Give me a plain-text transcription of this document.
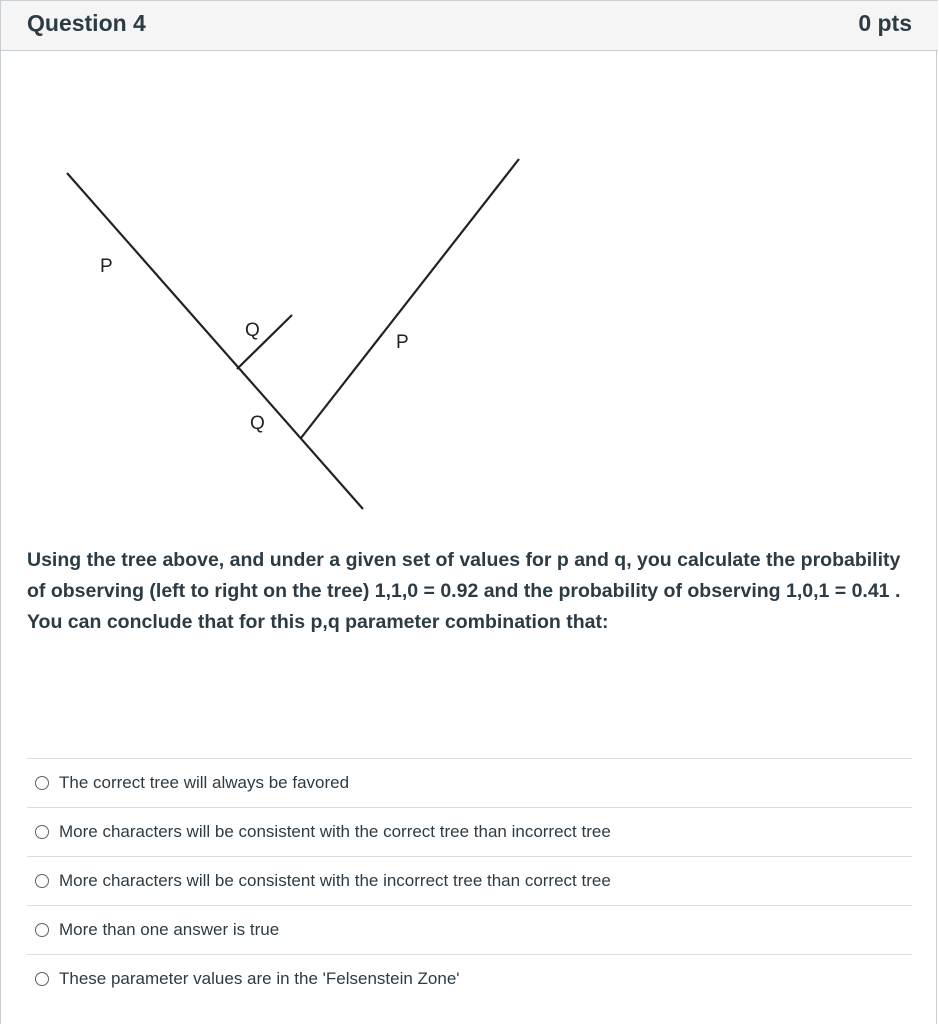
Question 4	0 pts
P
Q
Q
P
Using the tree above, and under a given set of values for p and q, you calculate the probability of observing (left to right on the tree) 1,1,0 = 0.92 and the probability of observing 1,0,1 = 0.41 . You can conclude that for this p,q parameter combination that:
The correct tree will always be favored
More characters will be consistent with the correct tree than incorrect tree
More characters will be consistent with the incorrect tree than correct tree
More than one answer is true
These parameter values are in the 'Felsenstein Zone'
